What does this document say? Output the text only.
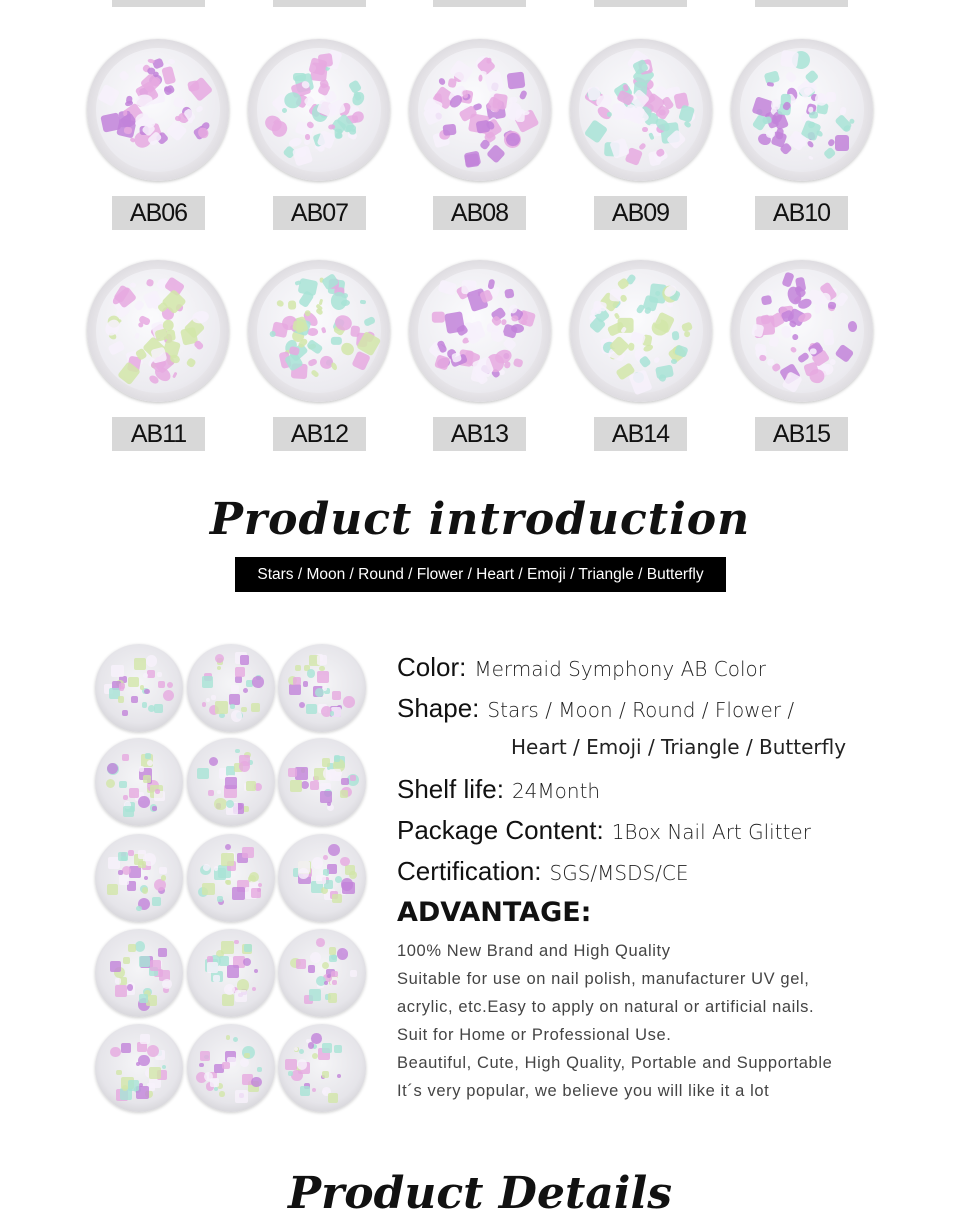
AB06	AB07	AB08	AB09	AB10
AB11	AB12	AB13	AB14	AB15
Product introduction
Stars / Moon / Round / Flower / Heart / Emoji / Triangle / Butterfly
Color: Mermaid Symphony AB Color
Shape: Stars / Moon / Round / Flower /
Heart / Emoji / Triangle / Butterfly
Shelf life: 24Month
Package Content: 1Box Nail Art Glitter
Certification: SGS/MSDS/CE
ADVANTAGE:
100% New Brand and High Quality
Suitable for use on nail polish, manufacturer UV gel,
acrylic, etc.Easy to apply on natural or artificial nails.
Suit for Home or Professional Use.
Beautiful, Cute, High Quality, Portable and Supportable
It´s very popular, we believe you will like it a lot
Product Details
